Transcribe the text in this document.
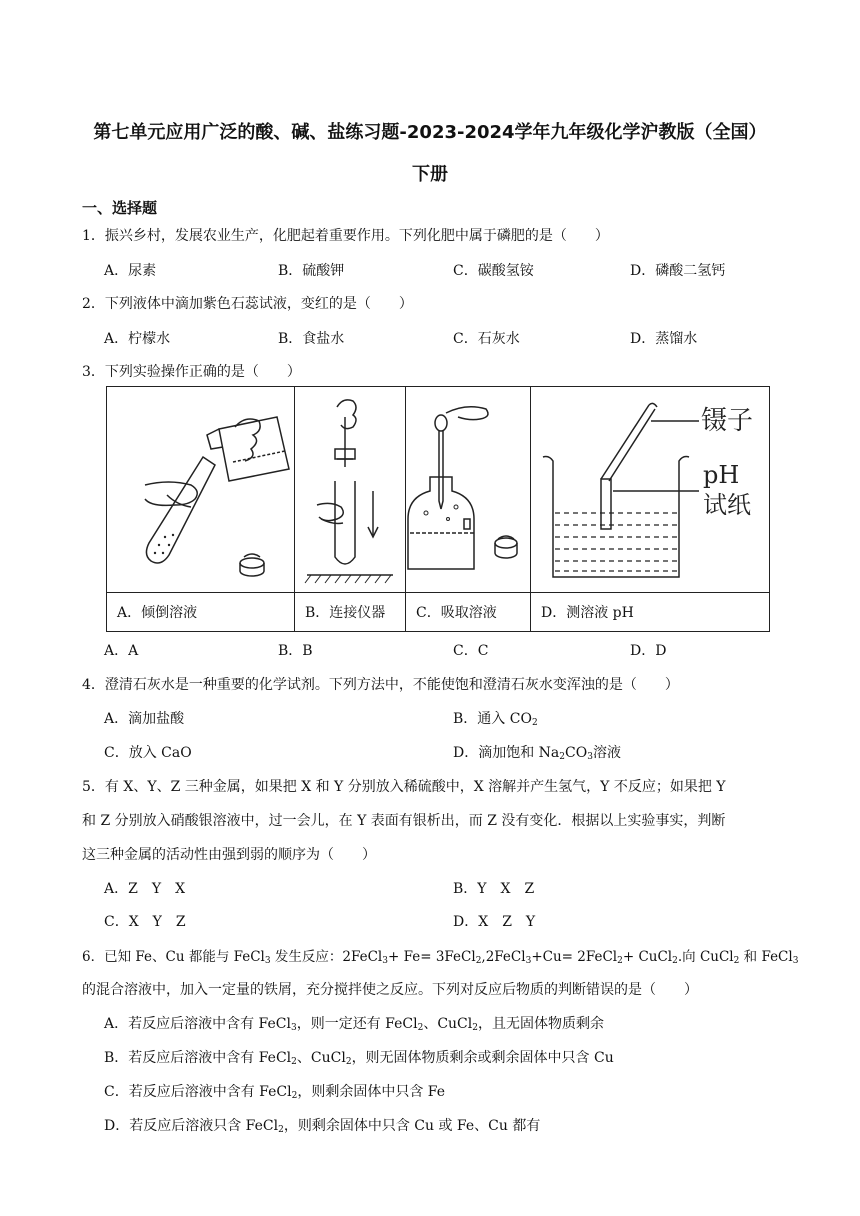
第七单元应用广泛的酸、碱、盐练习题-2023-2024学年九年级化学沪教版（全国）
下册
一、选择题
1．振兴乡村，发展农业生产，化肥起着重要作用。下列化肥中属于磷肥的是（　　）
A．尿素	B．硫酸钾	C．碳酸氢铵	D．磷酸二氢钙
2．下列液体中滴加紫色石蕊试液，变红的是（　　）
A．柠檬水	B．食盐水	C．石灰水	D．蒸馏水
3．下列实验操作正确的是（　　）

镊子
pH
试纸

A．倾倒溶液	B．连接仪器	C．吸取溶液	D．测溶液 pH
A．A	B．B	C．C	D．D
4．澄清石灰水是一种重要的化学试剂。下列方法中，不能使饱和澄清石灰水变浑浊的是（　　）
A．滴加盐酸	B．通入 $CO_2$
C．放入 CaO	D．滴加饱和 $Na_2CO_3$溶液
5．有 X、Y、Z 三种金属，如果把 X 和 Y 分别放入稀硫酸中，X 溶解并产生氢气，Y 不反应；如果把 Y
和 Z 分别放入硝酸银溶液中，过一会儿，在 Y 表面有银析出，而 Z 没有变化．根据以上实验事实，判断
这三种金属的活动性由强到弱的顺序为（　　）
A．Z　Y　X	B．Y　X　Z
C．X　Y　Z	D．X　Z　Y
6．已知 Fe、Cu 都能与 FeCl$_3$ 发生反应：2FeCl$_3$+ Fe= 3FeCl$_2$,2FeCl$_3$+Cu= 2FeCl$_2$+ CuCl$_2$.向 CuCl$_2$ 和 FeCl$_3$
的混合溶液中，加入一定量的铁屑，充分搅拌使之反应。下列对反应后物质的判断错误的是（　　）
A．若反应后溶液中含有 FeCl$_3$，则一定还有 FeCl$_2$、CuCl$_2$，且无固体物质剩余
B．若反应后溶液中含有 FeCl$_2$、CuCl$_2$，则无固体物质剩余或剩余固体中只含 Cu
C．若反应后溶液中含有 FeCl$_2$，则剩余固体中只含 Fe
D．若反应后溶液只含 FeCl$_2$，则剩余固体中只含 Cu 或 Fe、Cu 都有
